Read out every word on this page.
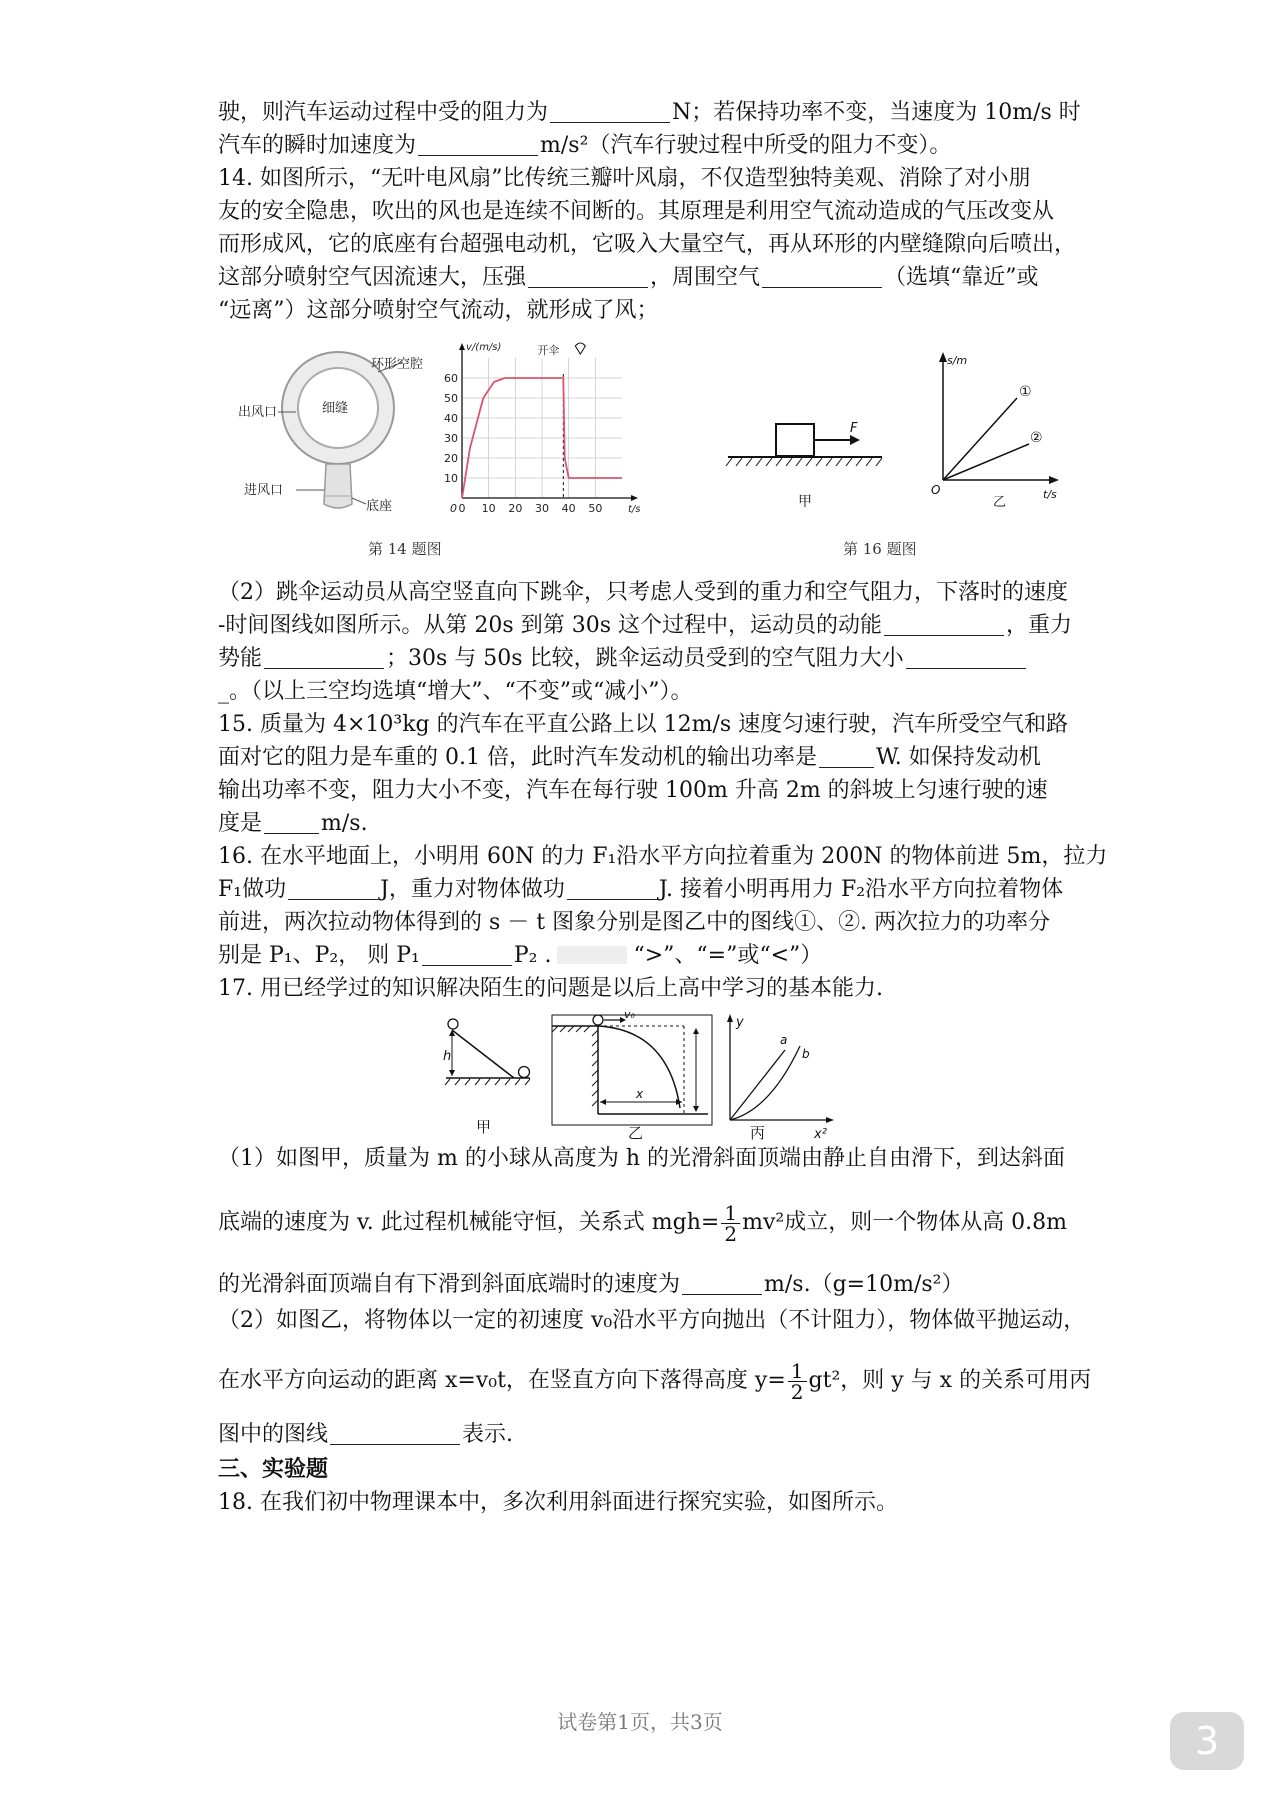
驶，则汽车运动过程中受的阻力为	N；若保持功率不变，当速度为 10m/s 时
汽车的瞬时加速度为	m/s²（汽车行驶过程中所受的阻力不变）。
14. 如图所示，“无叶电风扇”比传统三瓣叶风扇，不仅造型独特美观、消除了对小朋
友的安全隐患，吹出的风也是连续不间断的。其原理是利用空气流动造成的气压改变从
而形成风，它的底座有台超强电动机，它吸入大量空气，再从环形的内壁缝隙向后喷出，
这部分喷射空气因流速大，压强	，周围空气	（选填“靠近”或
“远离”）这部分喷射空气流动，就形成了风；
环形空腔
出风口	细缝
进风口
底座
10
20
30
40
50
60
0 10 20 30 40 50
v/(m/s)
t/s
开伞
0
第 14 题图
F
甲
s/m
t/s
O
①
②
乙
第 16 题图
（2）跳伞运动员从高空竖直向下跳伞，只考虑人受到的重力和空气阻力，下落时的速度
-时间图线如图所示。从第 20s 到第 30s 这个过程中，运动员的动能	，重力
势能	；30s 与 50s 比较，跳伞运动员受到的空气阻力大小
_。（以上三空均选填“增大”、“不变”或“减小”）。
15. 质量为 4×10³kg 的汽车在平直公路上以 12m/s 速度匀速行驶，汽车所受空气和路
面对它的阻力是车重的 0.1 倍，此时汽车发动机的输出功率是	W. 如保持发动机
输出功率不变，阻力大小不变，汽车在每行驶 100m 升高 2m 的斜坡上匀速行驶的速
度是	m/s.
16. 在水平地面上，小明用 60N 的力 F₁沿水平方向拉着重为 200N 的物体前进 5m，拉力
F₁做功	J，重力对物体做功	J. 接着小明再用力 F₂沿水平方向拉着物体
前进，两次拉动物体得到的 s － t 图象分别是图乙中的图线①、②. 两次拉力的功率分
别是 P₁、P₂， 则 P₁	P₂ .	“>”、“=”或“<”）
17. 用已经学过的知识解决陌生的问题是以后上高中学习的基本能力.
h
甲
v₀
x
乙
y
x²
a
b
丙
（1）如图甲，质量为 m 的小球从高度为 h 的光滑斜面顶端由静止自由滑下，到达斜面
底端的速度为 v. 此过程机械能守恒，关系式 $mgh= \frac{1}{2} mv^2$成立，则一个物体从高 0.8m
的光滑斜面顶端自有下滑到斜面底端时的速度为	m/s.（g=10m/s²）
（2）如图乙，将物体以一定的初速度 v₀沿水平方向抛出（不计阻力），物体做平抛运动，
在水平方向运动的距离 x=v₀t，在竖直方向下落得高度 $y= \frac{1}{2} gt^2$，则 y 与 x 的关系可用丙
图中的图线	表示.
三、实验题
18. 在我们初中物理课本中，多次利用斜面进行探究实验，如图所示。
试卷第1页，共3页	3
